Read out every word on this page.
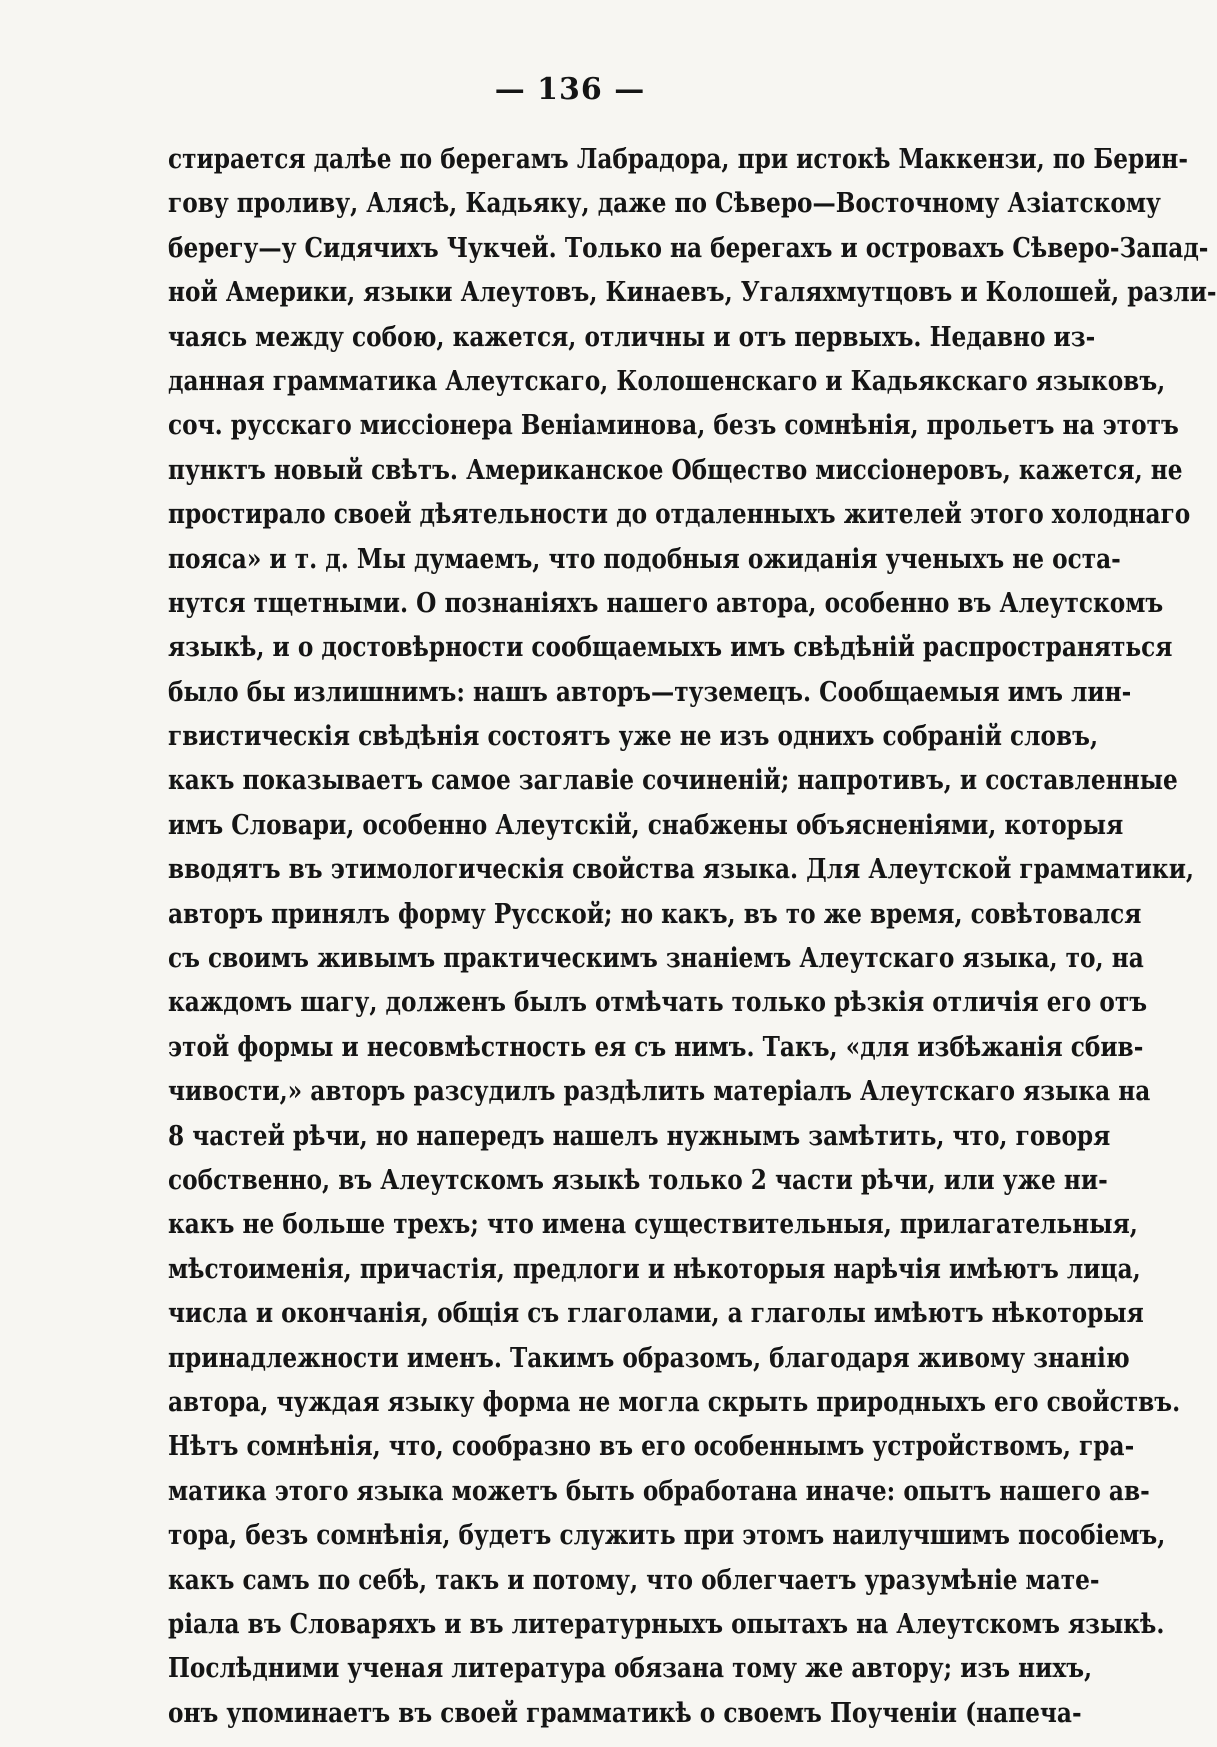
— 136 —
стирается далѣе по берегамъ Лабрадора, при истокѣ Маккензи, по Берин-
гову проливу, Алясѣ, Кадьяку, даже по Сѣверо—Восточному Азіатскому
берегу—у Сидячихъ Чукчей. Только на берегахъ и островахъ Сѣверо-Запад-
ной Америки, языки Алеутовъ, Кинаевъ, Угаляхмутцовъ и Колошей, разли-
чаясь между собою, кажется, отличны и отъ первыхъ. Недавно из-
данная грамматика Алеутскаго, Колошенскаго и Кадьякскаго языковъ,
соч. русскаго миссіонера Веніаминова, безъ сомнѣнія, прольетъ на этотъ
пунктъ новый свѣтъ. Американское Общество миссіонеровъ, кажется, не
простирало своей дѣятельности до отдаленныхъ жителей этого холоднаго
пояса» и т. д. Мы думаемъ, что подобныя ожиданія ученыхъ не оста-
нутся тщетными. О познаніяхъ нашего автора, особенно въ Алеутскомъ
языкѣ, и о достовѣрности сообщаемыхъ имъ свѣдѣній распространяться
было бы излишнимъ: нашъ авторъ—туземецъ. Сообщаемыя имъ лин-
гвистическія свѣдѣнія состоятъ уже не изъ однихъ собраній словъ,
какъ показываетъ самое заглавіе сочиненій; напротивъ, и составленные
имъ Словари, особенно Алеутскій, снабжены объясненіями, которыя
вводятъ въ этимологическія свойства языка. Для Алеутской грамматики,
авторъ принялъ форму Русской; но какъ, въ то же время, совѣтовался
съ своимъ живымъ практическимъ знаніемъ Алеутскаго языка, то, на
каждомъ шагу, долженъ былъ отмѣчать только рѣзкія отличія его отъ
этой формы и несовмѣстность ея съ нимъ. Такъ, «для избѣжанія сбив-
чивости,» авторъ разсудилъ раздѣлить матеріалъ Алеутскаго языка на
8 частей рѣчи, но напередъ нашелъ нужнымъ замѣтить, что, говоря
собственно, въ Алеутскомъ языкѣ только 2 части рѣчи, или уже ни-
какъ не больше трехъ; что имена существительныя, прилагательныя,
мѣстоименія, причастія, предлоги и нѣкоторыя нарѣчія имѣютъ лица,
числа и окончанія, общія съ глаголами, а глаголы имѣютъ нѣкоторыя
принадлежности именъ. Такимъ образомъ, благодаря живому знанію
автора, чуждая языку форма не могла скрыть природныхъ его свойствъ.
Нѣтъ сомнѣнія, что, сообразно въ его особеннымъ устройствомъ, гра-
матика этого языка можетъ быть обработана иначе: опытъ нашего ав-
тора, безъ сомнѣнія, будетъ служить при этомъ наилучшимъ пособіемъ,
какъ самъ по себѣ, такъ и потому, что облегчаетъ уразумѣніе мате-
ріала въ Словаряхъ и въ литературныхъ опытахъ на Алеутскомъ языкѣ.
Послѣдними ученая литература обязана тому же автору; изъ нихъ,
онъ упоминаетъ въ своей грамматикѣ о своемъ Поученіи (напеча-
